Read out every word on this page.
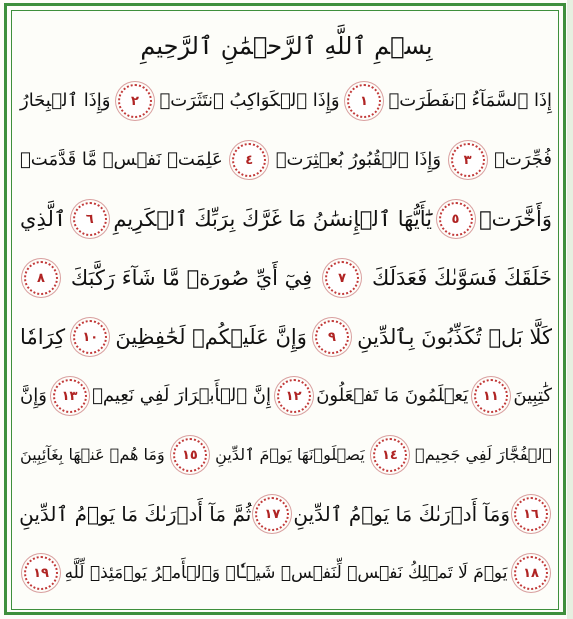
بِسۡمِ ٱللَّهِ ٱلرَّحۡمَٰنِ ٱلرَّحِيمِ
إِذَا ٱلسَّمَآءُ ٱنفَطَرَتۡ
١
وَإِذَا ٱلۡكَوَاكِبُ ٱنتَثَرَتۡ
٢
وَإِذَا ٱلۡبِحَارُ
فُجِّرَتۡ
٣
وَإِذَا ٱلۡقُبُورُ بُعۡثِرَتۡ
٤
عَلِمَتۡ نَفۡسٞ مَّا قَدَّمَتۡ
وَأَخَّرَتۡ
٥
يَٰٓأَيُّهَا ٱلۡإِنسَٰنُ مَا غَرَّكَ بِرَبِّكَ ٱلۡكَرِيمِ
٦
ٱلَّذِي
خَلَقَكَ فَسَوَّىٰكَ فَعَدَلَكَ
٧
فِيٓ أَيِّ صُورَةٖ مَّا شَآءَ رَكَّبَكَ
٨
كَلَّا بَلۡ تُكَذِّبُونَ بِٱلدِّينِ
٩
وَإِنَّ عَلَيۡكُمۡ لَحَٰفِظِينَ
١٠
كِرَامٗا
كَٰتِبِينَ
١١
يَعۡلَمُونَ مَا تَفۡعَلُونَ
١٢
إِنَّ ٱلۡأَبۡرَارَ لَفِي نَعِيمٖ
١٣
وَإِنَّ
ٱلۡفُجَّارَ لَفِي جَحِيمٖ
١٤
يَصۡلَوۡنَهَا يَوۡمَ ٱلدِّينِ
١٥
وَمَا هُمۡ عَنۡهَا بِغَآئِبِينَ
١٦
وَمَآ أَدۡرَىٰكَ مَا يَوۡمُ ٱلدِّينِ
١٧
ثُمَّ مَآ أَدۡرَىٰكَ مَا يَوۡمُ ٱلدِّينِ
١٨
يَوۡمَ لَا تَمۡلِكُ نَفۡسٞ لِّنَفۡسٖ شَيۡـٔٗاۖ وَٱلۡأَمۡرُ يَوۡمَئِذٖ لِّلَّهِ
١٩
